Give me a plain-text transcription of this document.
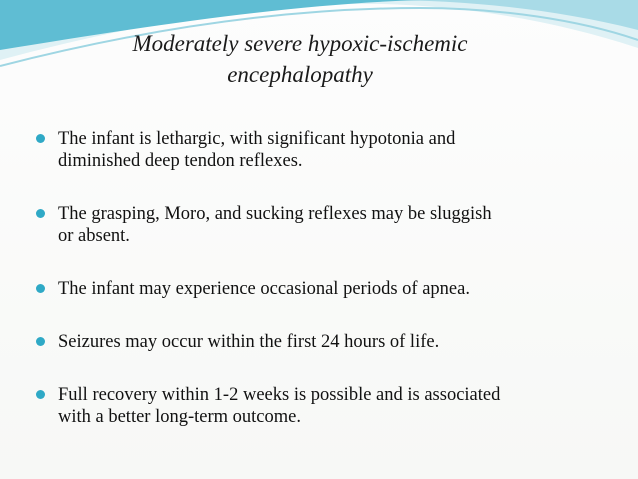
Moderately severe hypoxic-ischemic
encephalopathy
The infant is lethargic, with significant hypotonia and
diminished deep tendon reflexes.
The grasping, Moro, and sucking reflexes may be sluggish
or absent.
The infant may experience occasional periods of apnea.
Seizures may occur within the first 24 hours of life.
Full recovery within 1-2 weeks is possible and is associated
with a better long-term outcome.
